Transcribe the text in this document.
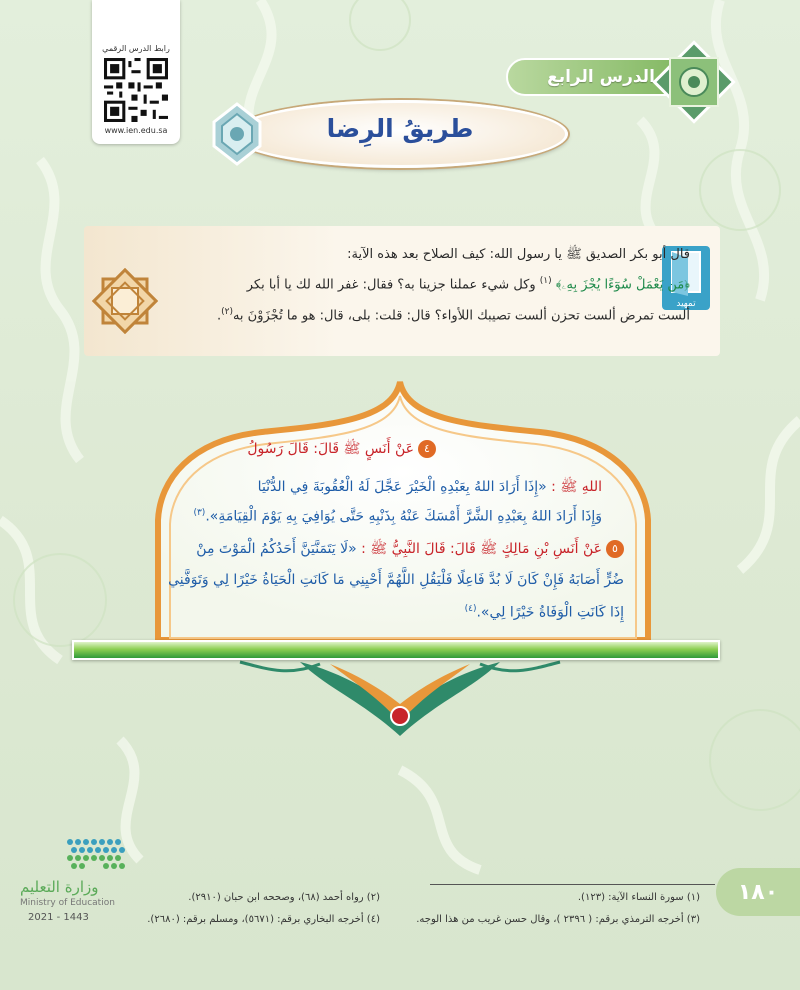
رابط الدرس الرقمي
www.ien.edu.sa
الدرس الرابع
طريقُ الرِضا
تمهيد
قال أبو بكر الصديق ﷺ يا رسول الله: كيف الصلاح بعد هذه الآية:
﴿مَن يَعْمَلْ سُوٓءًا يُجْزَ بِهِۦ﴾ $^{(١)}$ وكل شيء عملنا جزينا به؟ فقال: غفر الله لك يا أبا بكر
ألست تمرض ألست تحزن ألست تصيبك اللأواء؟ قال: قلت: بلى، قال: هو ما تُجْزَوْنَ به$^{(٢)}$.
٤عَنْ أَنَسٍ ﷺ قَالَ: قَالَ رَسُولُ
اللهِ ﷺ : «إِذَا أَرَادَ اللهُ بِعَبْدِهِ الْخَيْرَ عَجَّلَ لَهُ الْعُقُوبَةَ فِي الدُّنْيَا
وَإِذَا أَرَادَ اللهُ بِعَبْدِهِ الشَّرَّ أَمْسَكَ عَنْهُ بِذَنْبِهِ حَتَّى يُوَافِيَ بِهِ يَوْمَ الْقِيَامَةِ».$^{(٣)}$
٥عَنْ أَنَسِ بْنِ مَالِكٍ ﷺ قَالَ: قَالَ النَّبِيُّ ﷺ : «لَا يَتَمَنَّيَنَّ أَحَدُكُمُ الْمَوْتَ مِنْ
ضُرٍّ أَصَابَهُ فَإِنْ كَانَ لَا بُدَّ فَاعِلًا فَلْيَقُلِ اللَّهُمَّ أَحْيِنِي مَا كَانَتِ الْحَيَاةُ خَيْرًا لِي وَتَوَفَّنِي
إِذَا كَانَتِ الْوَفَاةُ خَيْرًا لِي».$^{(٤)}$
١٨٠
(١) سورة النساء الآية: (١٢٣).
(٢) رواه أحمد (٦٨)، وصححه ابن حبان (٢٩١٠).
(٣) أخرجه الترمذي برقم: ( ٢٣٩٦ )، وقال حسن غريب من هذا الوجه.
(٤) أخرجه البخاري برقم: (٥٦٧١)، ومسلم برقم: (٢٦٨٠).
وزارة التعليم
Ministry of Education
2021 - 1443
